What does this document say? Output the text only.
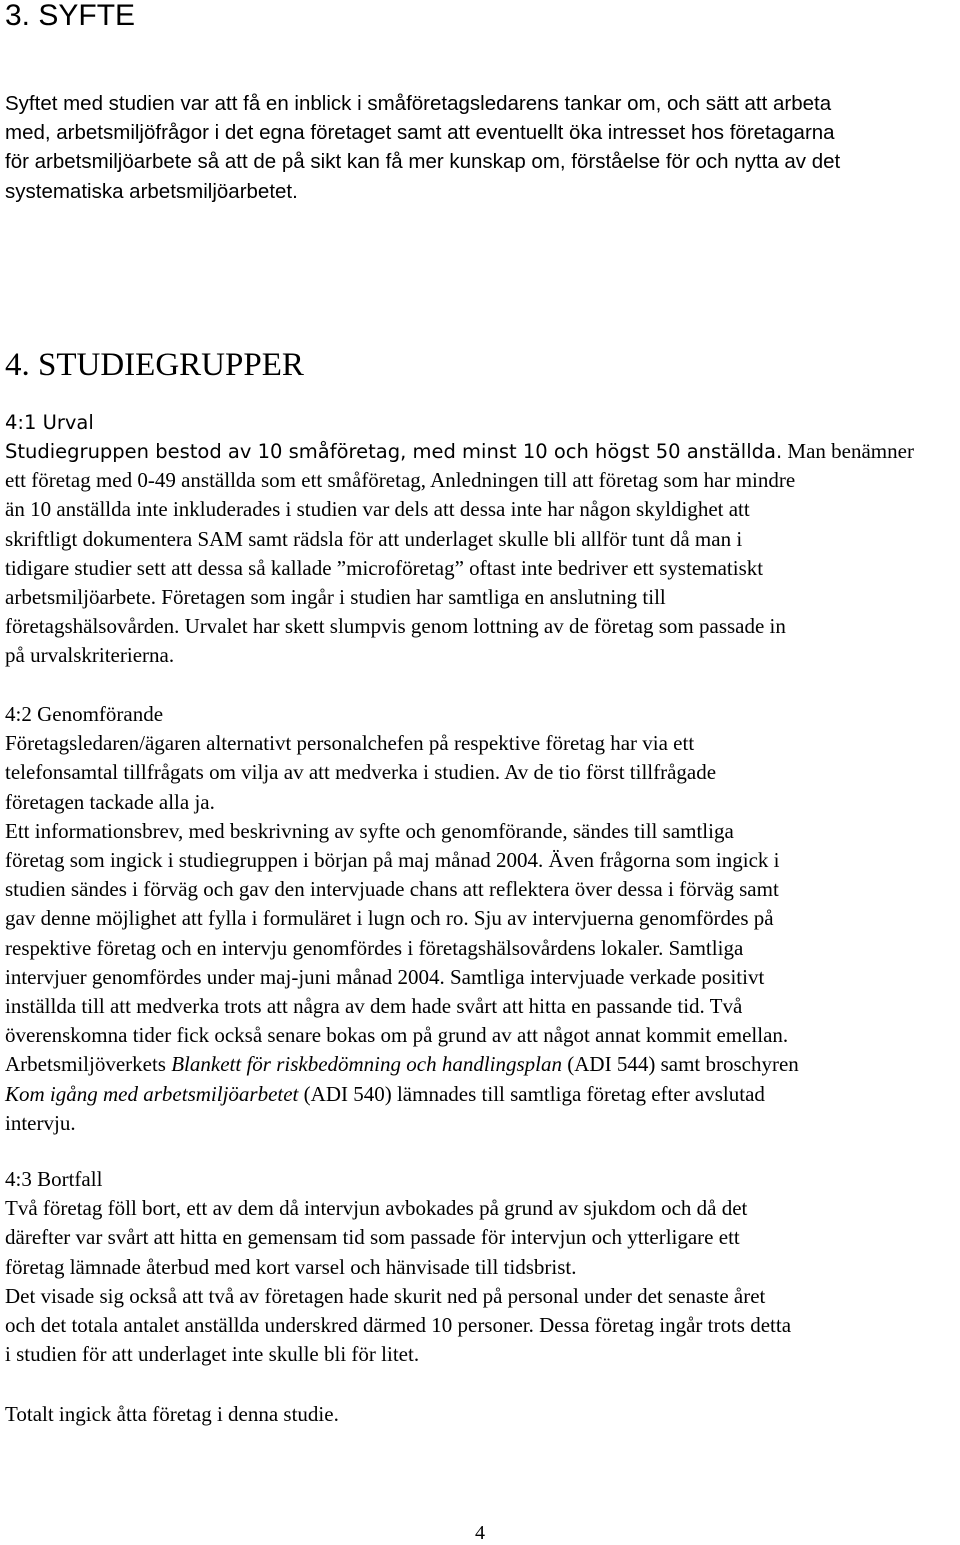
3. SYFTE
Syftet med studien var att få en inblick i småföretagsledarens tankar om, och sätt att arbeta
med, arbetsmiljöfrågor i det egna företaget samt att eventuellt öka intresset hos företagarna
för arbetsmiljöarbete så att de på sikt kan få mer kunskap om, förståelse för och nytta av det
systematiska arbetsmiljöarbetet.
4. STUDIEGRUPPER
4:1 Urval
Studiegruppen bestod av 10 småföretag, med minst 10 och högst 50 anställda. Man benämner
ett företag med 0-49 anställda som ett småföretag, Anledningen till att företag som har mindre
än 10 anställda inte inkluderades i studien var dels att dessa inte har någon skyldighet att
skriftligt dokumentera SAM samt rädsla för att underlaget skulle bli allför tunt då man i
tidigare studier sett att dessa så kallade ”microföretag” oftast inte bedriver ett systematiskt
arbetsmiljöarbete. Företagen som ingår i studien har samtliga en anslutning till
företagshälsovården. Urvalet har skett slumpvis genom lottning av de företag som passade in
på urvalskriterierna.
4:2 Genomförande
Företagsledaren/ägaren alternativt personalchefen på respektive företag har via ett
telefonsamtal tillfrågats om vilja av att medverka i studien. Av de tio först tillfrågade
företagen tackade alla ja.
Ett informationsbrev, med beskrivning av syfte och genomförande, sändes till samtliga
företag som ingick i studiegruppen i början på maj månad 2004. Även frågorna som ingick i
studien sändes i förväg och gav den intervjuade chans att reflektera över dessa i förväg samt
gav denne möjlighet att fylla i formuläret i lugn och ro. Sju av intervjuerna genomfördes på
respektive företag och en intervju genomfördes i företagshälsovårdens lokaler. Samtliga
intervjuer genomfördes under maj-juni månad 2004. Samtliga intervjuade verkade positivt
inställda till att medverka trots att några av dem hade svårt att hitta en passande tid. Två
överenskomna tider fick också senare bokas om på grund av att något annat kommit emellan.
Arbetsmiljöverkets Blankett för riskbedömning och handlingsplan (ADI 544) samt broschyren
Kom igång med arbetsmiljöarbetet (ADI 540) lämnades till samtliga företag efter avslutad
intervju.
4:3 Bortfall
Två företag föll bort, ett av dem då intervjun avbokades på grund av sjukdom och då det
därefter var svårt att hitta en gemensam tid som passade för intervjun och ytterligare ett
företag lämnade återbud med kort varsel och hänvisade till tidsbrist.
Det visade sig också att två av företagen hade skurit ned på personal under det senaste året
och det totala antalet anställda underskred därmed 10 personer. Dessa företag ingår trots detta
i studien för att underlaget inte skulle bli för litet.

Totalt ingick åtta företag i denna studie.

4
